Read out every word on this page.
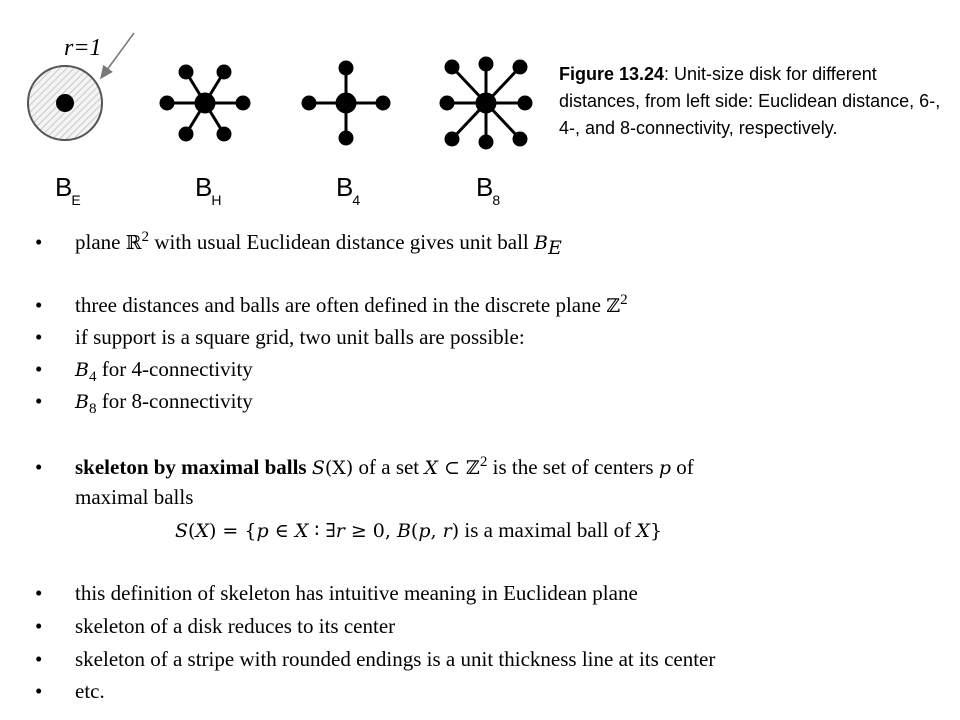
r=1
$B_E$	$B_H$	$B_4$	$B_8$
Figure 13.24: Unit-size disk for different distances, from left side: Euclidean distance, 6-, 4-, and 8-connectivity, respectively.
• plane ℝ$^2$ with usual Euclidean distance gives unit ball $B_E$
• three distances and balls are often defined in the discrete plane ℤ$^2$
• if support is a square grid, two unit balls are possible:
• $B_4$ for 4-connectivity
• $B_8$ for 8-connectivity
• skeleton by maximal balls S(X) of a set X ⊂ ℤ$^2$ is the set of centers p of
maximal balls
S(X) = {p ∈ X ∶ ∃r ≥ 0, B(p, r) is a maximal ball of X}
• this definition of skeleton has intuitive meaning in Euclidean plane
• skeleton of a disk reduces to its center
• skeleton of a stripe with rounded endings is a unit thickness line at its center
• etc.
